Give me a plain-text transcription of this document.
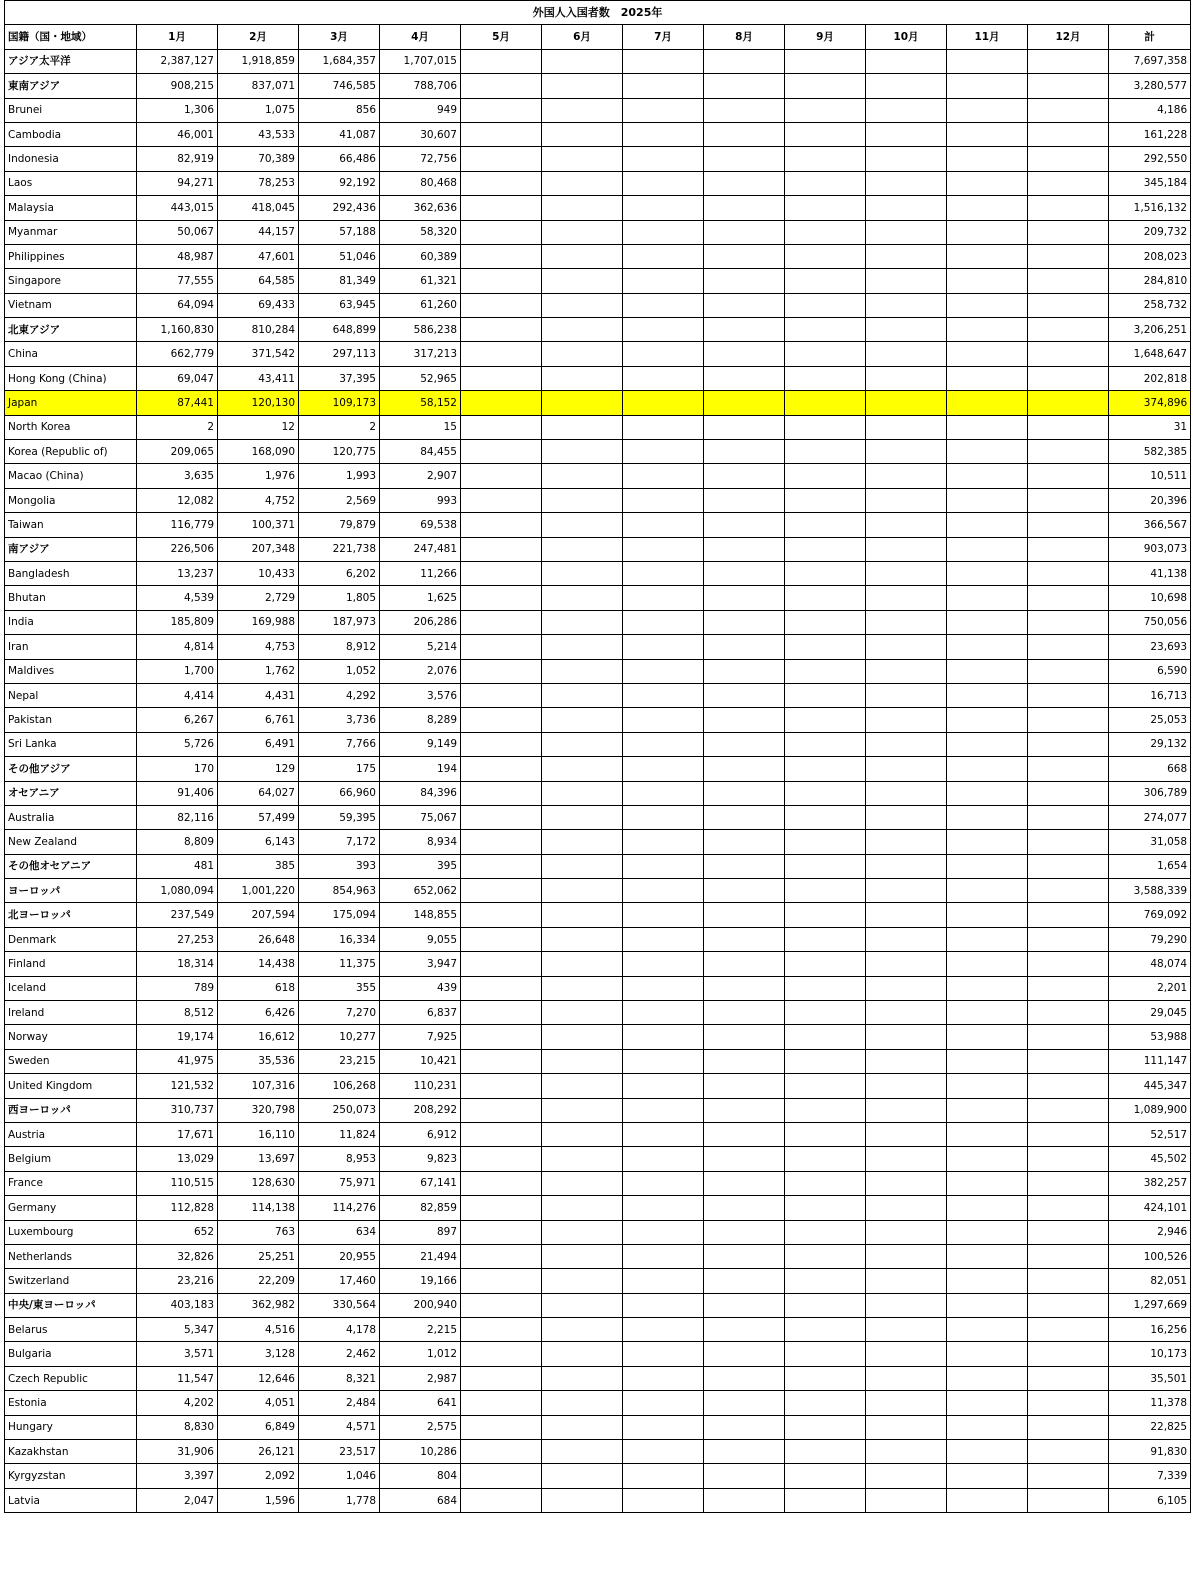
外国人入国者数　2025年													
国籍（国・地域）	1月	2月	3月	4月	5月	6月	7月	8月	9月	10月	11月	12月	計
アジア太平洋	2,387,127	1,918,859	1,684,357	1,707,015									7,697,358
東南アジア	908,215	837,071	746,585	788,706									3,280,577
Brunei	1,306	1,075	856	949									4,186
Cambodia	46,001	43,533	41,087	30,607									161,228
Indonesia	82,919	70,389	66,486	72,756									292,550
Laos	94,271	78,253	92,192	80,468									345,184
Malaysia	443,015	418,045	292,436	362,636									1,516,132
Myanmar	50,067	44,157	57,188	58,320									209,732
Philippines	48,987	47,601	51,046	60,389									208,023
Singapore	77,555	64,585	81,349	61,321									284,810
Vietnam	64,094	69,433	63,945	61,260									258,732
北東アジア	1,160,830	810,284	648,899	586,238									3,206,251
China	662,779	371,542	297,113	317,213									1,648,647
Hong Kong (China)	69,047	43,411	37,395	52,965									202,818
Japan	87,441	120,130	109,173	58,152									374,896
North Korea	2	12	2	15									31
Korea (Republic of)	209,065	168,090	120,775	84,455									582,385
Macao (China)	3,635	1,976	1,993	2,907									10,511
Mongolia	12,082	4,752	2,569	993									20,396
Taiwan	116,779	100,371	79,879	69,538									366,567
南アジア	226,506	207,348	221,738	247,481									903,073
Bangladesh	13,237	10,433	6,202	11,266									41,138
Bhutan	4,539	2,729	1,805	1,625									10,698
India	185,809	169,988	187,973	206,286									750,056
Iran	4,814	4,753	8,912	5,214									23,693
Maldives	1,700	1,762	1,052	2,076									6,590
Nepal	4,414	4,431	4,292	3,576									16,713
Pakistan	6,267	6,761	3,736	8,289									25,053
Sri Lanka	5,726	6,491	7,766	9,149									29,132
その他アジア	170	129	175	194									668
オセアニア	91,406	64,027	66,960	84,396									306,789
Australia	82,116	57,499	59,395	75,067									274,077
New Zealand	8,809	6,143	7,172	8,934									31,058
その他オセアニア	481	385	393	395									1,654
ヨーロッパ	1,080,094	1,001,220	854,963	652,062									3,588,339
北ヨーロッパ	237,549	207,594	175,094	148,855									769,092
Denmark	27,253	26,648	16,334	9,055									79,290
Finland	18,314	14,438	11,375	3,947									48,074
Iceland	789	618	355	439									2,201
Ireland	8,512	6,426	7,270	6,837									29,045
Norway	19,174	16,612	10,277	7,925									53,988
Sweden	41,975	35,536	23,215	10,421									111,147
United Kingdom	121,532	107,316	106,268	110,231									445,347
西ヨーロッパ	310,737	320,798	250,073	208,292									1,089,900
Austria	17,671	16,110	11,824	6,912									52,517
Belgium	13,029	13,697	8,953	9,823									45,502
France	110,515	128,630	75,971	67,141									382,257
Germany	112,828	114,138	114,276	82,859									424,101
Luxembourg	652	763	634	897									2,946
Netherlands	32,826	25,251	20,955	21,494									100,526
Switzerland	23,216	22,209	17,460	19,166									82,051
中央/東ヨーロッパ	403,183	362,982	330,564	200,940									1,297,669
Belarus	5,347	4,516	4,178	2,215									16,256
Bulgaria	3,571	3,128	2,462	1,012									10,173
Czech Republic	11,547	12,646	8,321	2,987									35,501
Estonia	4,202	4,051	2,484	641									11,378
Hungary	8,830	6,849	4,571	2,575									22,825
Kazakhstan	31,906	26,121	23,517	10,286									91,830
Kyrgyzstan	3,397	2,092	1,046	804									7,339
Latvia	2,047	1,596	1,778	684									6,105
